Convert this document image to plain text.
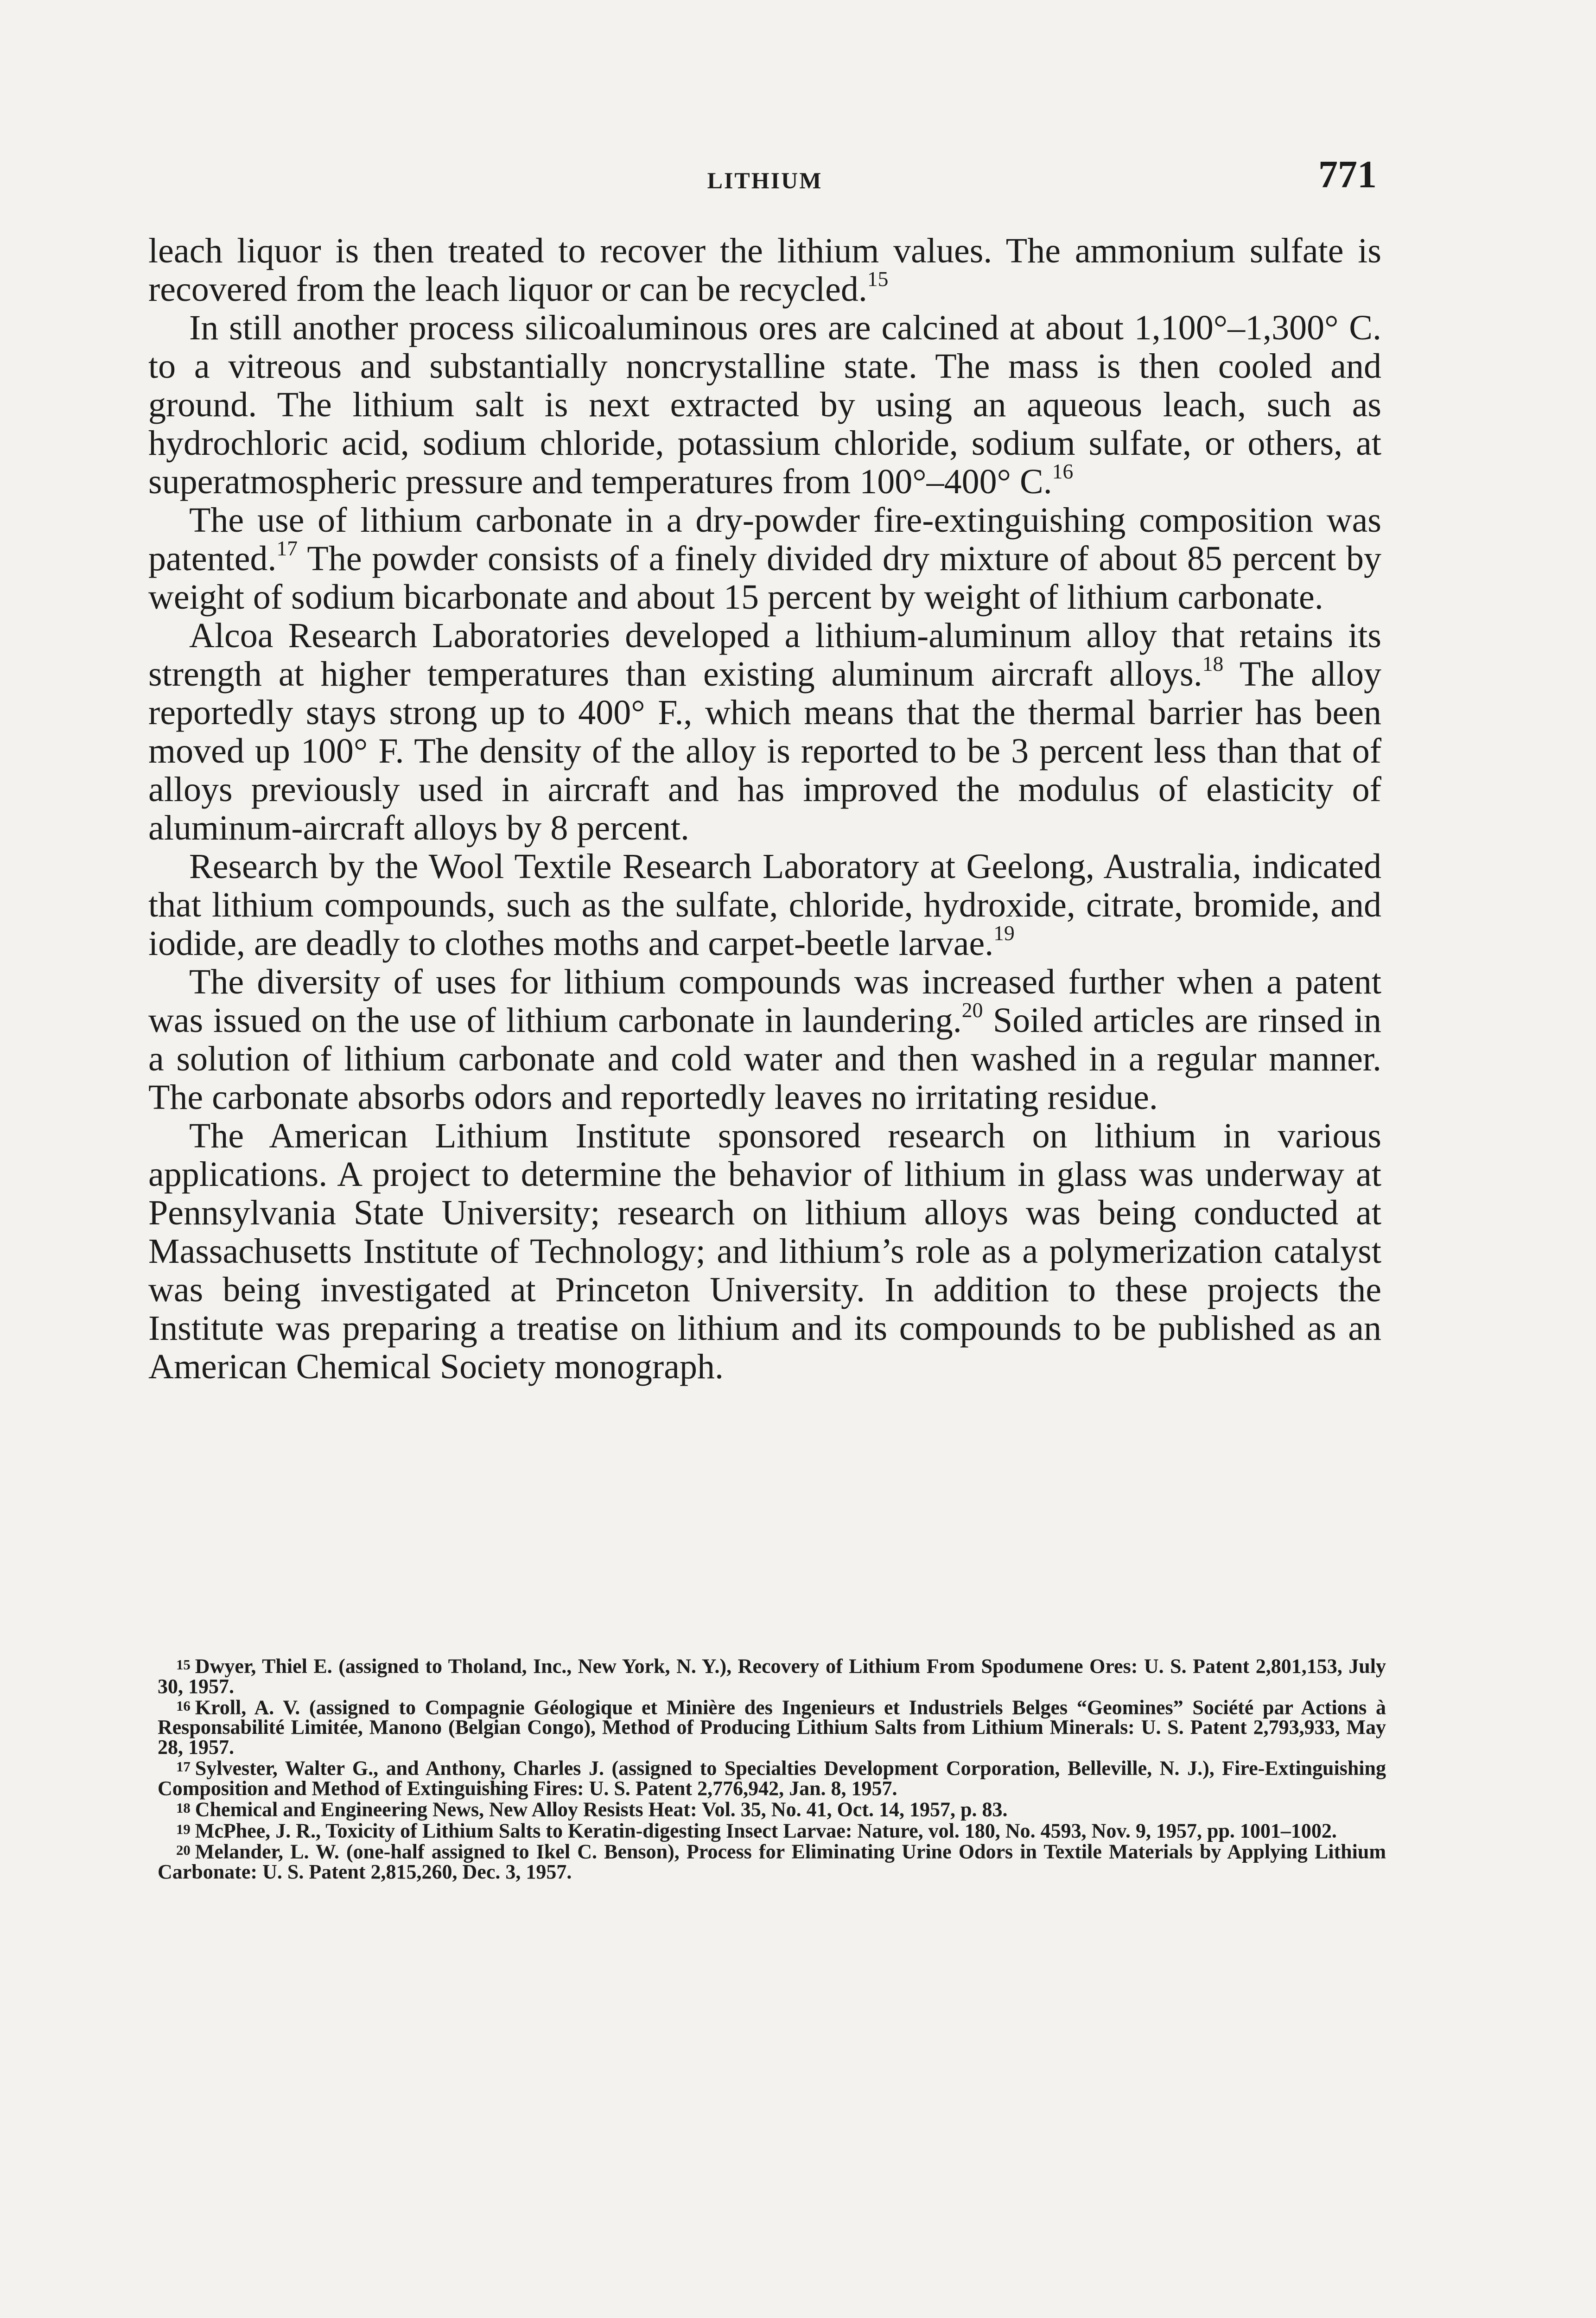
LITHIUM	771

leach liquor is then treated to recover the lithium values. The ammonium sulfate is recovered from the leach liquor or can be recycled.$^{15}$

In still another process silicoaluminous ores are calcined at about 1,100°–1,300° C. to a vitreous and substantially noncrystalline state. The mass is then cooled and ground. The lithium salt is next extracted by using an aqueous leach, such as hydrochloric acid, sodium chloride, potassium chloride, sodium sulfate, or others, at superatmospheric pressure and temperatures from 100°–400° C.$^{16}$

The use of lithium carbonate in a dry-powder fire-extinguishing composition was patented.$^{17}$ The powder consists of a finely divided dry mixture of about 85 percent by weight of sodium bicarbonate and about 15 percent by weight of lithium carbonate.

Alcoa Research Laboratories developed a lithium-aluminum alloy that retains its strength at higher temperatures than existing aluminum aircraft alloys.$^{18}$ The alloy reportedly stays strong up to 400° F., which means that the thermal barrier has been moved up 100° F. The density of the alloy is reported to be 3 percent less than that of alloys previously used in aircraft and has improved the modulus of elasticity of aluminum-aircraft alloys by 8 percent.

Research by the Wool Textile Research Laboratory at Geelong, Australia, indicated that lithium compounds, such as the sulfate, chloride, hydroxide, citrate, bromide, and iodide, are deadly to clothes moths and carpet-beetle larvae.$^{19}$

The diversity of uses for lithium compounds was increased further when a patent was issued on the use of lithium carbonate in laundering.$^{20}$ Soiled articles are rinsed in a solution of lithium carbonate and cold water and then washed in a regular manner. The carbonate absorbs odors and reportedly leaves no irritating residue.

The American Lithium Institute sponsored research on lithium in various applications. A project to determine the behavior of lithium in glass was underway at Pennsylvania State University; research on lithium alloys was being conducted at Massachusetts Institute of Technology; and lithium’s role as a polymerization catalyst was being investigated at Princeton University. In addition to these projects the Institute was preparing a treatise on lithium and its compounds to be published as an American Chemical Society monograph.

15 Dwyer, Thiel E. (assigned to Tholand, Inc., New York, N. Y.), Recovery of Lithium From Spodumene Ores: U. S. Patent 2,801,153, July 30, 1957.

16 Kroll, A. V. (assigned to Compagnie Géologique et Minière des Ingenieurs et Industriels Belges “Geomines” Société par Actions à Responsabilité Limitée, Manono (Belgian Congo), Method of Producing Lithium Salts from Lithium Minerals: U. S. Patent 2,793,933, May 28, 1957.

17 Sylvester, Walter G., and Anthony, Charles J. (assigned to Specialties Development Corporation, Belleville, N. J.), Fire-Extinguishing Composition and Method of Extinguishing Fires: U. S. Patent 2,776,942, Jan. 8, 1957.

18 Chemical and Engineering News, New Alloy Resists Heat: Vol. 35, No. 41, Oct. 14, 1957, p. 83.

19 McPhee, J. R., Toxicity of Lithium Salts to Keratin-digesting Insect Larvae: Nature, vol. 180, No. 4593, Nov. 9, 1957, pp. 1001–1002.

20 Melander, L. W. (one-half assigned to Ikel C. Benson), Process for Eliminating Urine Odors in Textile Materials by Applying Lithium Carbonate: U. S. Patent 2,815,260, Dec. 3, 1957.
